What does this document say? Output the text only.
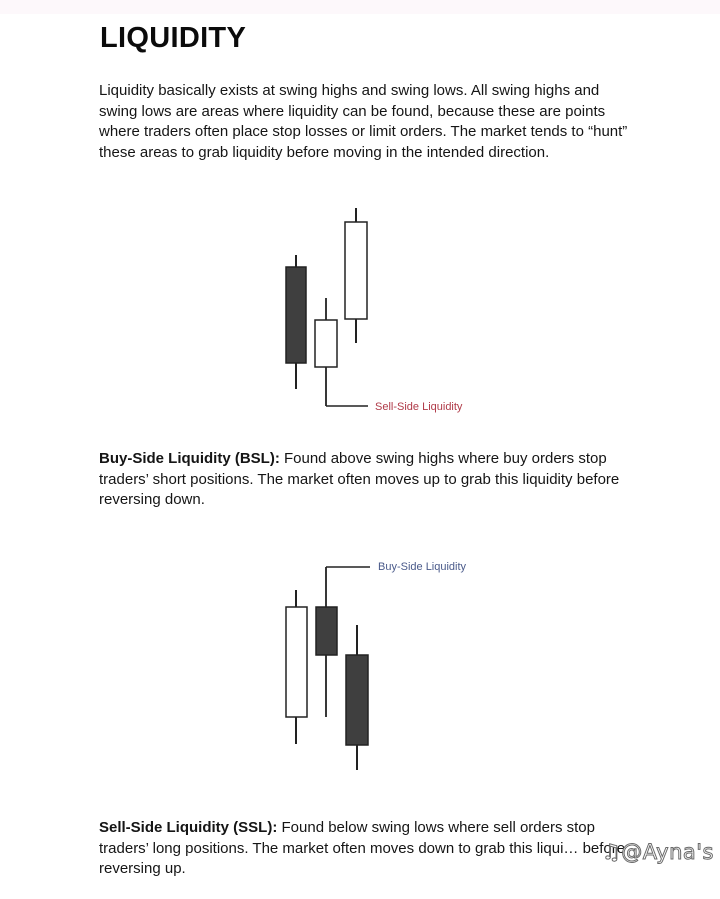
LIQUIDITY

Liquidity basically exists at swing highs and swing lows. All swing highs and swing lows are areas where liquidity can be found, because these are points where traders often place stop losses or limit orders. The market tends to “hunt” these areas to grab liquidity before moving in the intended direction.

Sell-Side Liquidity

Buy-Side Liquidity (BSL): Found above swing highs where buy orders stop traders’ short positions. The market often moves up to grab this liquidity before reversing down.

Buy-Side Liquidity

Sell-Side Liquidity (SSL): Found below swing lows where sell orders stop traders’ long positions. The market often moves down to grab this liqui… before reversing up.

♫@Ayna's
